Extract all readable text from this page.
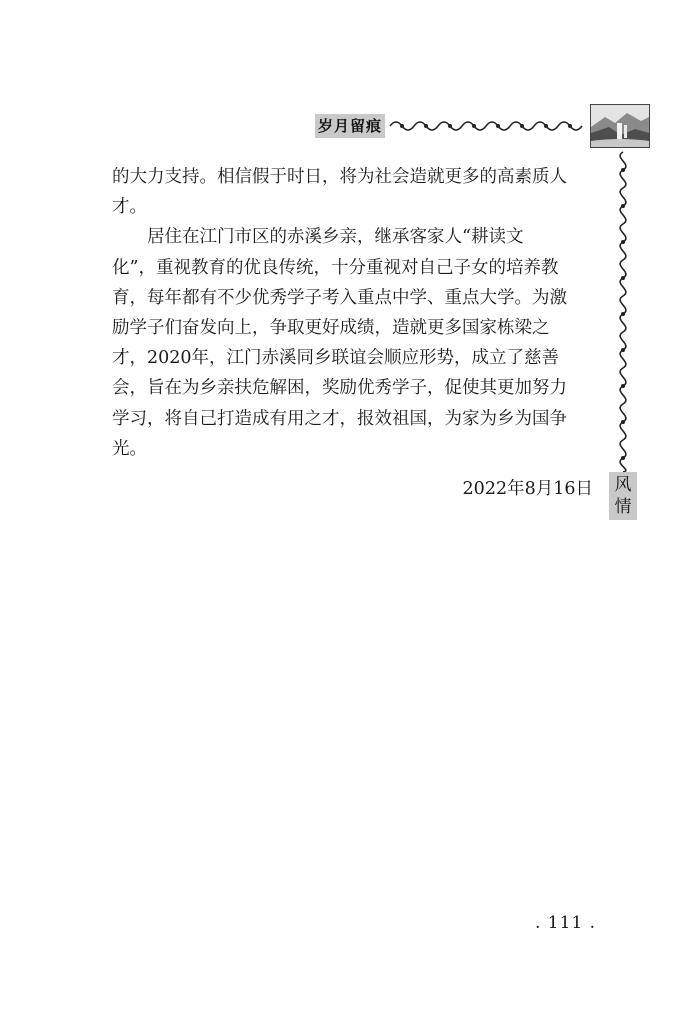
岁月留痕
风情
的大力支持。相信假于时日，将为社会造就更多的高素质人
才。
　　居住在江门市区的赤溪乡亲，继承客家人“耕读文
化”，重视教育的优良传统，十分重视对自己子女的培养教
育，每年都有不少优秀学子考入重点中学、重点大学。为激
励学子们奋发向上，争取更好成绩，造就更多国家栋梁之
才，2020年，江门赤溪同乡联谊会顺应形势，成立了慈善
会，旨在为乡亲扶危解困，奖励优秀学子，促使其更加努力
学习，将自己打造成有用之才，报效祖国，为家为乡为国争
光。
2022年8月16日
. 111 .
